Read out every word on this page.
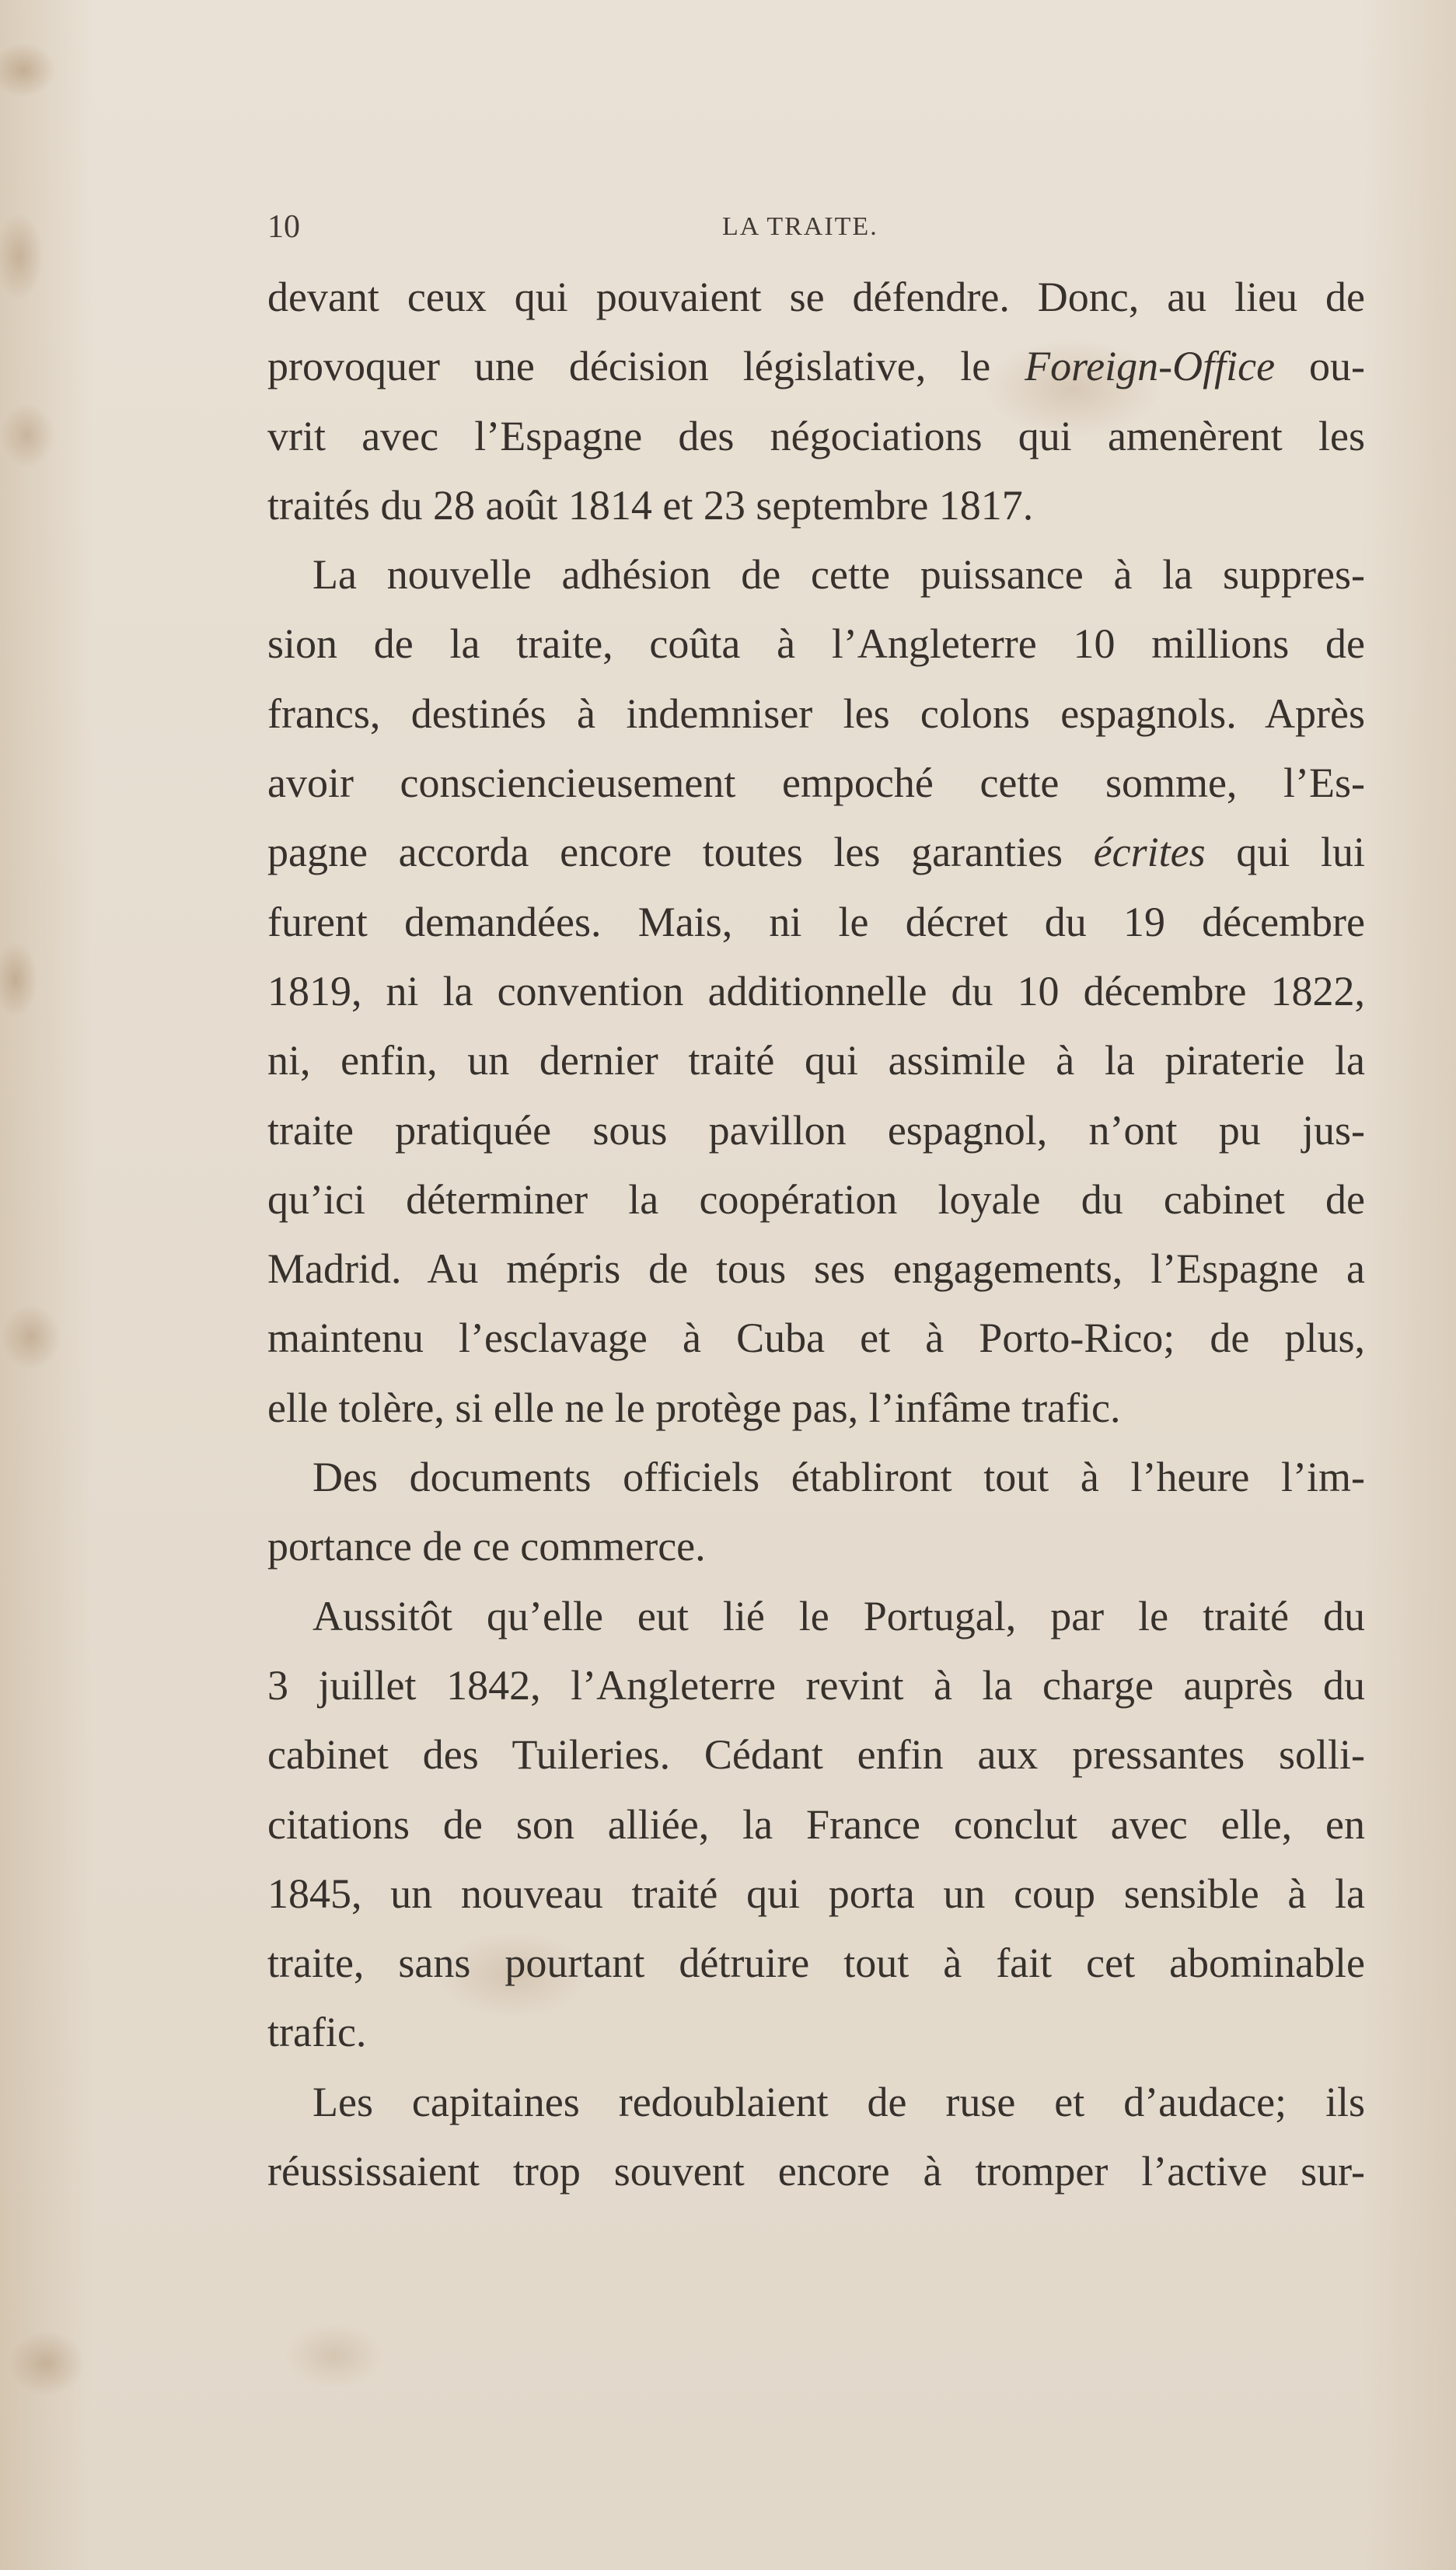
10	LA TRAITE.
devant ceux qui pouvaient se défendre. Donc, au lieu de
provoquer une décision législative, le Foreign-Office ou-
vrit avec l’Espagne des négociations qui amenèrent les
traités du 28 août 1814 et 23 septembre 1817.
La nouvelle adhésion de cette puissance à la suppres-
sion de la traite, coûta à l’Angleterre 10 millions de
francs, destinés à indemniser les colons espagnols. Après
avoir consciencieusement empoché cette somme, l’Es-
pagne accorda encore toutes les garanties écrites qui lui
furent demandées. Mais, ni le décret du 19 décembre
1819, ni la convention additionnelle du 10 décembre 1822,
ni, enfin, un dernier traité qui assimile à la piraterie la
traite pratiquée sous pavillon espagnol, n’ont pu jus-
qu’ici déterminer la coopération loyale du cabinet de
Madrid. Au mépris de tous ses engagements, l’Espagne a
maintenu l’esclavage à Cuba et à Porto-Rico; de plus,
elle tolère, si elle ne le protège pas, l’infâme trafic.
Des documents officiels établiront tout à l’heure l’im-
portance de ce commerce.
Aussitôt qu’elle eut lié le Portugal, par le traité du
3 juillet 1842, l’Angleterre revint à la charge auprès du
cabinet des Tuileries. Cédant enfin aux pressantes solli-
citations de son alliée, la France conclut avec elle, en
1845, un nouveau traité qui porta un coup sensible à la
traite, sans pourtant détruire tout à fait cet abominable
trafic.
Les capitaines redoublaient de ruse et d’audace; ils
réussissaient trop souvent encore à tromper l’active sur-
